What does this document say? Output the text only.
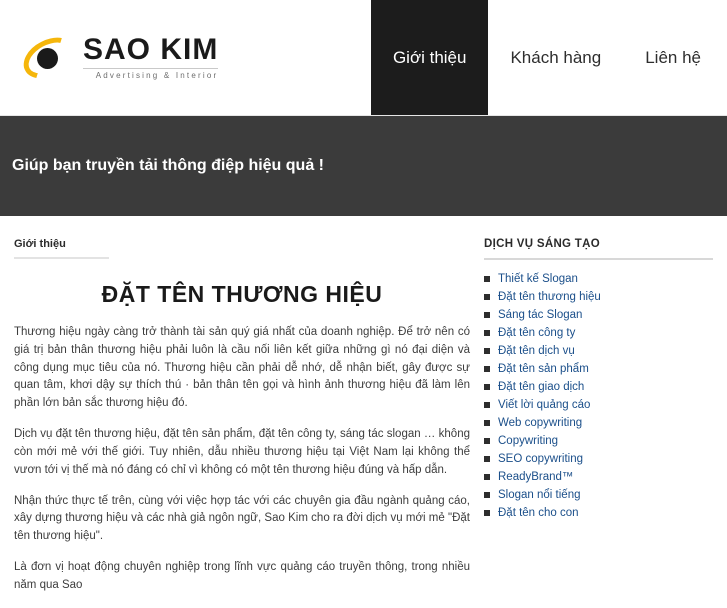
SAO KIM
Advertising & Interior
Giới thiệu	Khách hàng	Liên hệ
Giúp bạn truyền tải thông điệp hiệu quả !
Giới thiệu
ĐẶT TÊN THƯƠNG HIỆU

Thương hiệu ngày càng trở thành tài sản quý giá nhất của doanh nghiệp. Để trở nên có giá trị bản thân thương hiệu phải luôn là cầu nối liên kết giữa những gì nó đại diện và công dụng mục tiêu của nó. Thương hiệu cần phải dễ nhớ, dễ nhận biết, gây được sự quan tâm, khơi dậy sự thích thú · bản thân tên gọi và hình ảnh thương hiệu đã làm lên phần lớn bản sắc thương hiệu đó.

Dịch vụ đặt tên thương hiệu, đặt tên sản phẩm, đặt tên công ty, sáng tác slogan … không còn mới mẻ với thế giới. Tuy nhiên, dẫu nhiều thương hiệu tại Việt Nam lại không thể vươn tới vị thế mà nó đáng có chỉ vì không có một tên thương hiệu đúng và hấp dẫn.

Nhận thức thực tế trên, cùng với việc hợp tác với các chuyên gia đầu ngành quảng cáo, xây dựng thương hiệu và các nhà giả ngôn ngữ, Sao Kim cho ra đời dịch vụ mới mẻ "Đặt tên thương hiệu".

Là đơn vị hoạt động chuyên nghiệp trong lĩnh vực quảng cáo truyền thông, trong nhiều năm qua Sao

DỊCH VỤ SÁNG TẠO
Thiết kế Slogan
Đặt tên thương hiệu
Sáng tác Slogan
Đặt tên công ty
Đặt tên dịch vụ
Đặt tên sản phẩm
Đặt tên giao dịch
Viết lời quảng cáo
Web copywriting
Copywriting
SEO copywriting
ReadyBrand™
Slogan nổi tiếng
Đặt tên cho con
